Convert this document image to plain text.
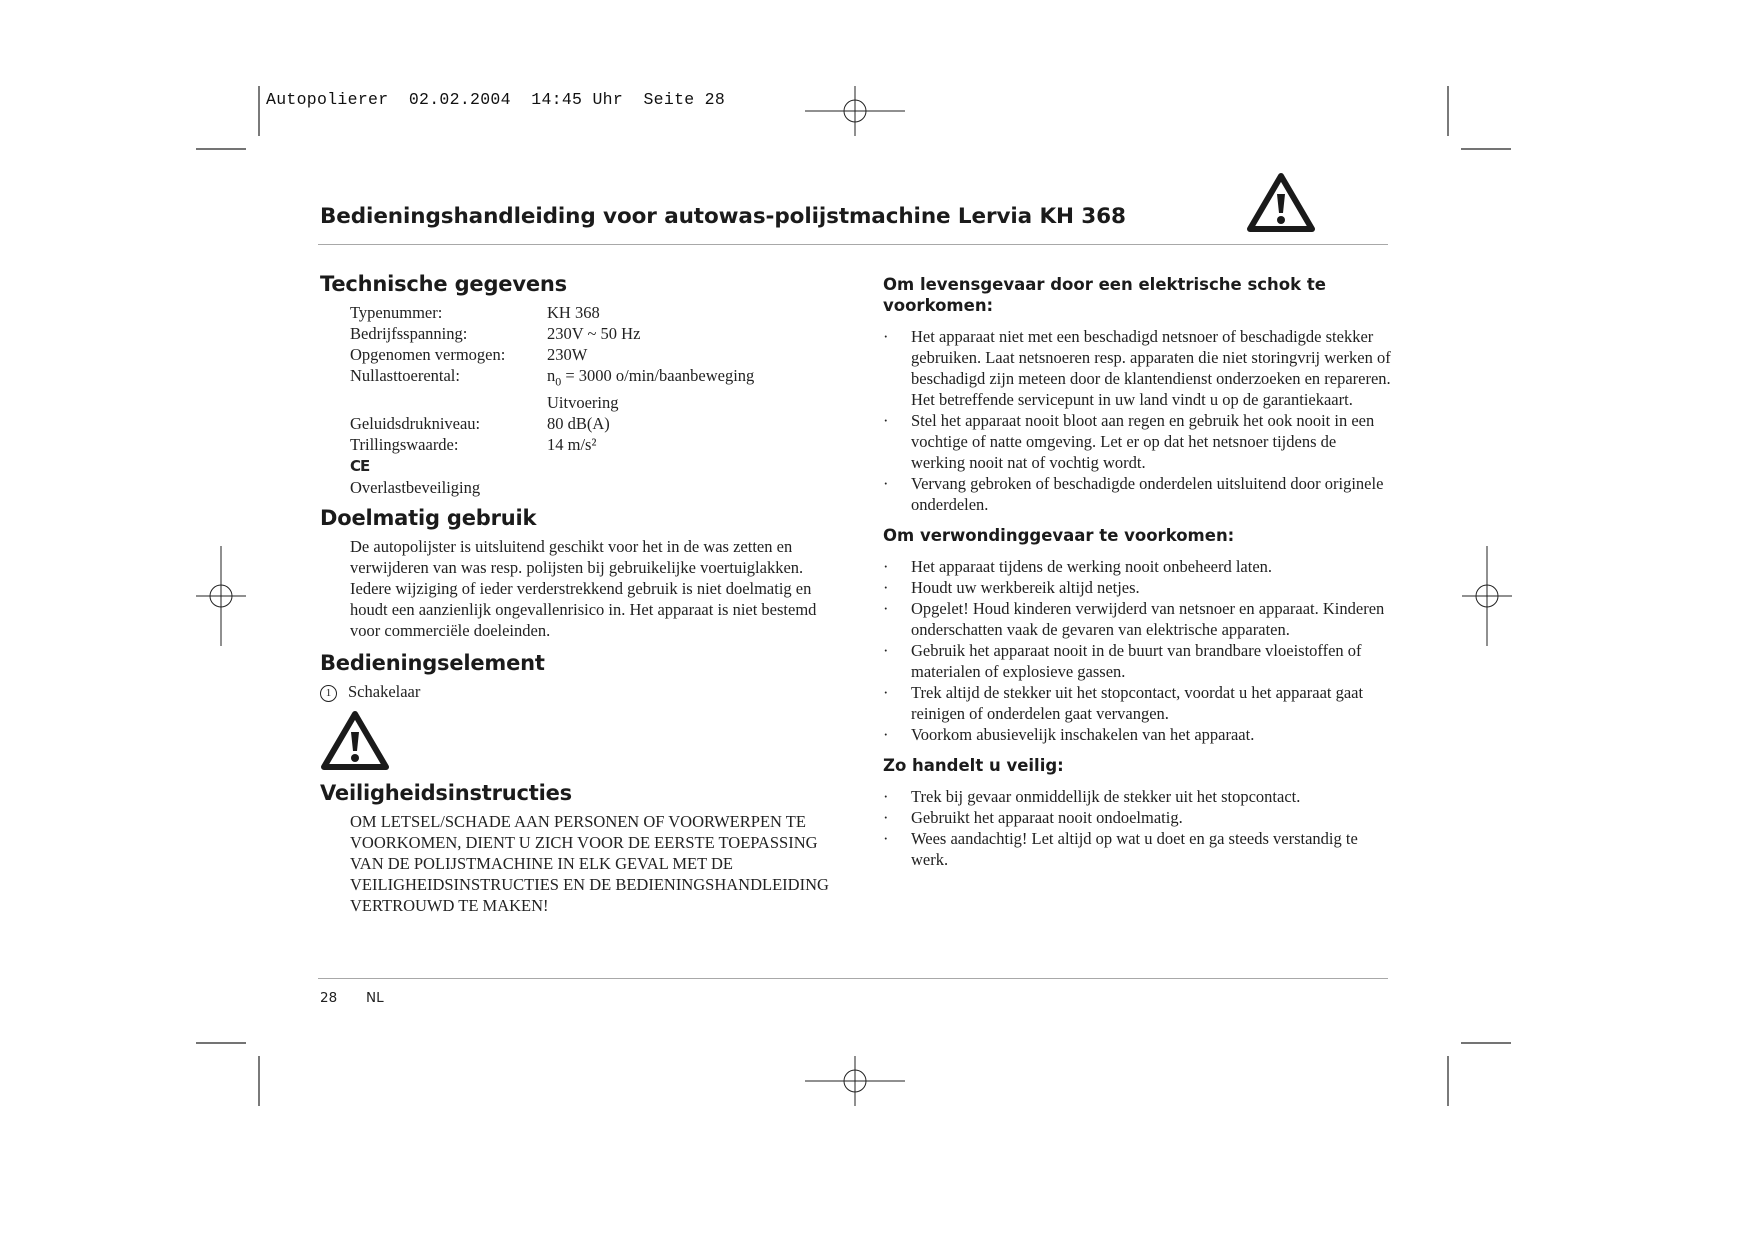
Autopolierer  02.02.2004  14:45 Uhr  Seite 28
Bedieningshandleiding voor autowas-polijstmachine Lervia KH 368
Technische gegevens
Typenummer:	KH 368
Bedrijfsspanning:	230V ~ 50 Hz
Opgenomen vermogen:	230W
Nullasttoerental:	$n_0 = 3000$ o/min/baanbeweging
	Uitvoering
Geluidsdrukniveau:	80 dB(A)
Trillingswaarde:	14 m/s²
CE
Overlastbeveiliging
Doelmatig gebruik
De autopolijster is uitsluitend geschikt voor het in de was zetten en verwijderen van was resp. polijsten bij gebruikelijke voertuiglakken. Iedere wijziging of ieder verderstrekkend gebruik is niet doelmatig en houdt een aanzienlijk ongevallenrisico in. Het apparaat is niet bestemd voor commerciële doeleinden.
Bedieningselement
1 Schakelaar
Veiligheidsinstructies
OM LETSEL/SCHADE AAN PERSONEN OF VOORWERPEN TE VOORKOMEN, DIENT U ZICH VOOR DE EERSTE TOEPASSING VAN DE POLIJSTMACHINE IN ELK GEVAL MET DE VEILIGHEIDSINSTRUCTIES EN DE BEDIENINGSHANDLEIDING VERTROUWD TE MAKEN!
Om levensgevaar door een elektrische schok te voorkomen:
· Het apparaat niet met een beschadigd netsnoer of beschadigde stekker gebruiken. Laat netsnoeren resp. apparaten die niet storingvrij werken of beschadigd zijn meteen door de klantendienst onderzoeken en repareren. Het betreffende servicepunt in uw land vindt u op de garantiekaart.
· Stel het apparaat nooit bloot aan regen en gebruik het ook nooit in een vochtige of natte omgeving. Let er op dat het netsnoer tijdens de werking nooit nat of vochtig wordt.
· Vervang gebroken of beschadigde onderdelen uitsluitend door originele onderdelen.
Om verwondinggevaar te voorkomen:
· Het apparaat tijdens de werking nooit onbeheerd laten.
· Houdt uw werkbereik altijd netjes.
· Opgelet! Houd kinderen verwijderd van netsnoer en apparaat. Kinderen onderschatten vaak de gevaren van elektrische apparaten.
· Gebruik het apparaat nooit in de buurt van brandbare vloeistoffen of materialen of explosieve gassen.
· Trek altijd de stekker uit het stopcontact, voordat u het apparaat gaat reinigen of onderdelen gaat vervangen.
· Voorkom abusievelijk inschakelen van het apparaat.
Zo handelt u veilig:
· Trek bij gevaar onmiddellijk de stekker uit het stopcontact.
· Gebruikt het apparaat nooit ondoelmatig.
· Wees aandachtig! Let altijd op wat u doet en ga steeds verstandig te werk.
28 NL
